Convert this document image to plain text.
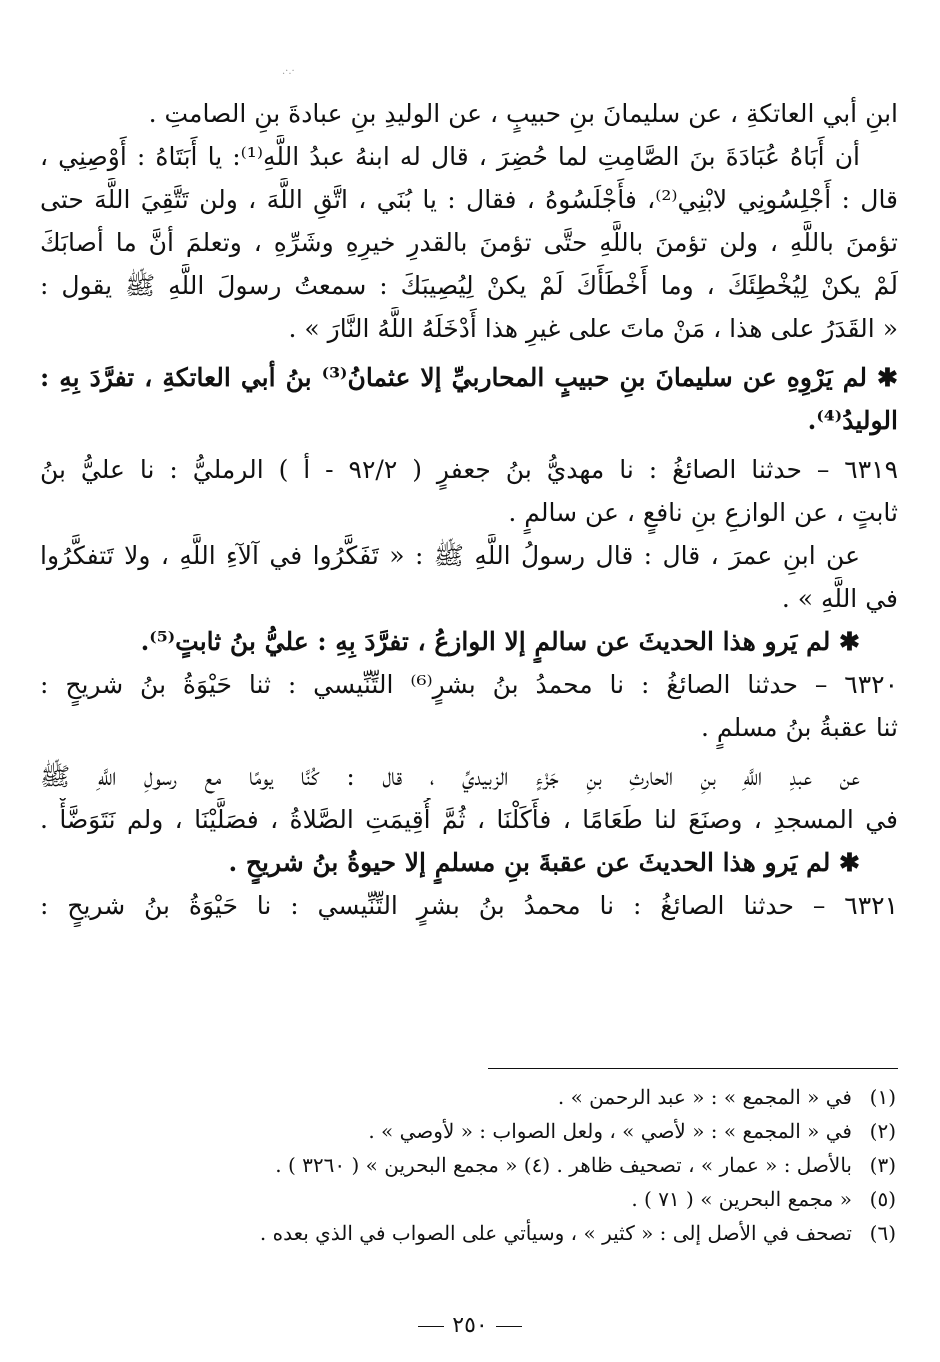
.·.·
ابنِ أبي العاتكةِ ، عن سليمانَ بنِ حبيبٍ ، عن الوليدِ بنِ عبادةَ بنِ الصامتِ .
أن أَبَاهُ عُبَادَةَ بنَ الصَّامِتِ لما حُضِرَ ، قال له ابنهُ عبدُ اللَّهِ⁽¹⁾: يا أَبَتَاهُ : أَوْصِنِي ،
قال : أَجْلِسُونِي لابْنِي⁽²⁾، فأَجْلَسُوهُ ، فقال : يا بُنَي ، اتَّقِ اللَّهَ ، ولن تَتَّقِيَ اللَّهَ حتى
تؤمنَ باللَّهِ ، ولن تؤمنَ باللَّهِ حتَّى تؤمنَ بالقدرِ خيرِهِ وشَرِّهِ ، وتعلمَ أنَّ ما أصابَكَ
لَمْ يكنْ لِيُخْطِئَكَ ، وما أَخْطَأَكَ لَمْ يكنْ لِيُصِيبَكَ : سمعتُ رسولَ اللَّهِ ﷺ يقول :
« القَدَرُ على هذا ، مَنْ ماتَ على غيرِ هذا أَدْخَلَهُ اللَّهُ النَّارَ » .
✱ لم يَرْوِهِ عن سليمانَ بنِ حبيبٍ المحاربيِّ إلا عثمانُ⁽³⁾ بنُ أبي العاتكةِ ، تفرَّدَ بِهِ :
الوليدُ⁽⁴⁾.
٦٣١٩ – حدثنا الصائغُ : نا مهديُّ بنُ جعفرٍ ( ٩٢/٢ - أ ) الرمليُّ : نا عليُّ بنُ
ثابتٍ ، عن الوازعِ بنِ نافعٍ ، عن سالمٍ .
عن ابنِ عمرَ ، قال : قال رسولُ اللَّهِ ﷺ : « تَفَكَّرُوا في آلآءِ اللَّهِ ، ولا تَتفكَّرُوا
في اللَّهِ » .
✱ لم يَرو هذا الحديثَ عن سالمٍ إلا الوازعُ ، تفرَّدَ بِهِ : عليُّ بنُ ثابتٍ⁽⁵⁾.
٦٣٢٠ – حدثنا الصائغُ : نا محمدُ بنُ بشرٍ⁽⁶⁾ التِّنِّيسي : ثنا حَيْوَةُ بنُ شريحٍ :
ثنا عقبةُ بنُ مسلمٍ .
عن عبدِ اللَّهِ بنِ الحارثِ بنِ جَزْءٍ الزبيديِّ ، قال : كُنَّا يومًا مع رسولِ اللَّهِ ﷺ
في المسجدِ ، وصنَعَ لنا طَعَامًا ، فأَكَلْنَا ، ثُمَّ أُقِيمَتِ الصَّلاةُ ، فصَلَّيْنَا ، ولم نَتَوَضَّأْ .
✱ لم يَرو هذا الحديثَ عن عقبةَ بنِ مسلمٍ إلا حيوةُ بنُ شريحٍ .
٦٣٢١ – حدثنا الصائغُ : نا محمدُ بنُ بشرٍ التِّنِّيسي : نا حَيْوَةُ بنُ شريحٍ :
(١)في « المجمع » : « عبد الرحمن » .
(٢)في « المجمع » : « لأصي » ، ولعل الصواب : « لأوصي » .
(٣)بالأصل : « عمار » ، تصحيف ظاهر . (٤) « مجمع البحرين » ( ٣٢٦٠ ) .
(٥)« مجمع البحرين » ( ٧١ ) .
(٦)تصحف في الأصل إلى : « كثير » ، وسيأتي على الصواب في الذي بعده .
٢٥٠
